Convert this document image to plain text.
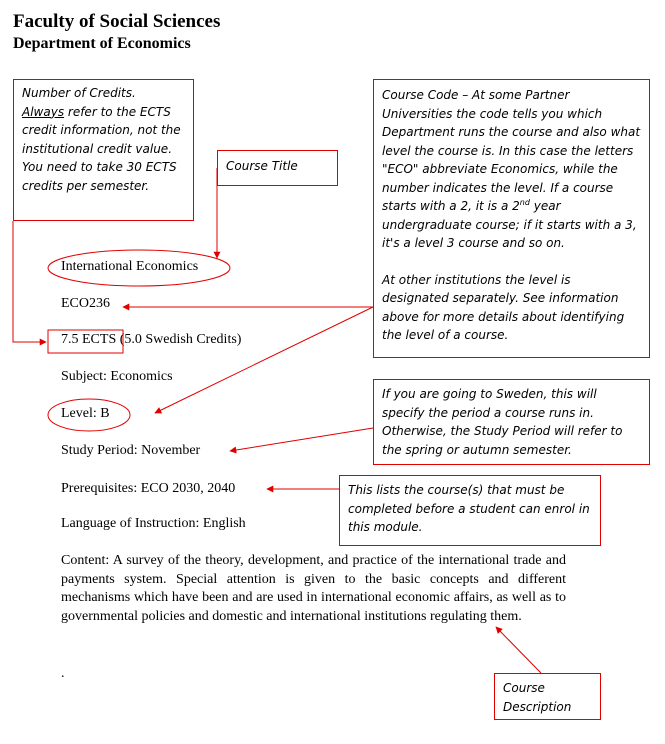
Faculty of Social Sciences
Department of Economics
International Economics
ECO236
7.5 ECTS (5.0 Swedish Credits)
Subject: Economics
Level: B
Study Period: November
Prerequisites: ECO 2030, 2040
Language of Instruction: English
Content: A survey of the theory, development, and practice of the international trade and payments system. Special attention is given to the basic concepts and different mechanisms which have been and are used in international economic affairs, as well as to governmental policies and domestic and international institutions regulating them.
.
Number of Credits.
Always refer to the ECTS credit information, not the institutional credit value. You need to take 30 ECTS credits per semester.
Course Title
Course Code – At some Partner Universities the code tells you which Department runs the course and also what level the course is. In this case the letters "ECO" abbreviate Economics, while the number indicates the level. If a course starts with a 2, it is a 2nd year undergraduate course; if it starts with a 3, it's a level 3 course and so on.
At other institutions the level is designated separately. See information above for more details about identifying the level of a course.
If you are going to Sweden, this will specify the period a course runs in. Otherwise, the Study Period will refer to the spring or autumn semester.
This lists the course(s) that must be completed before a student can enrol in this module.
Course Description
